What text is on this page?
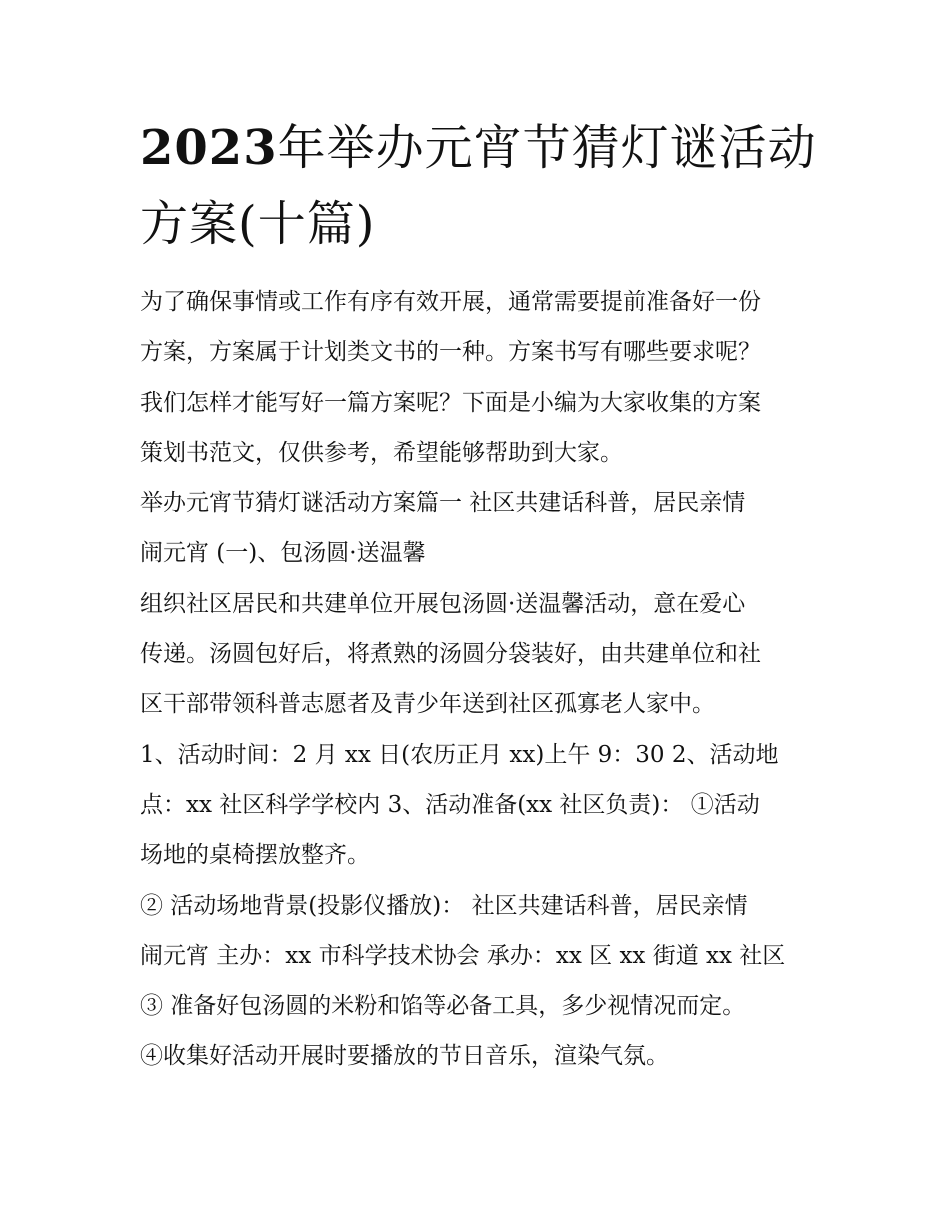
2023年举办元宵节猜灯谜活动
方案(十篇)

为了确保事情或工作有序有效开展，通常需要提前准备好一份

方案，方案属于计划类文书的一种。方案书写有哪些要求呢？

我们怎样才能写好一篇方案呢？下面是小编为大家收集的方案

策划书范文，仅供参考，希望能够帮助到大家。

举办元宵节猜灯谜活动方案篇一 社区共建话科普，居民亲情

闹元宵 (一)、包汤圆·送温馨

组织社区居民和共建单位开展包汤圆·送温馨活动，意在爱心

传递。汤圆包好后，将煮熟的汤圆分袋装好，由共建单位和社

区干部带领科普志愿者及青少年送到社区孤寡老人家中。

1、活动时间：2 月 xx 日(农历正月 xx)上午 9：30 2、活动地

点：xx 社区科学学校内 3、活动准备(xx 社区负责)： ①活动

场地的桌椅摆放整齐。

② 活动场地背景(投影仪播放)： 社区共建话科普，居民亲情

闹元宵 主办：xx 市科学技术协会 承办：xx 区 xx 街道 xx 社区

③ 准备好包汤圆的米粉和馅等必备工具，多少视情况而定。

④收集好活动开展时要播放的节日音乐，渲染气氛。
